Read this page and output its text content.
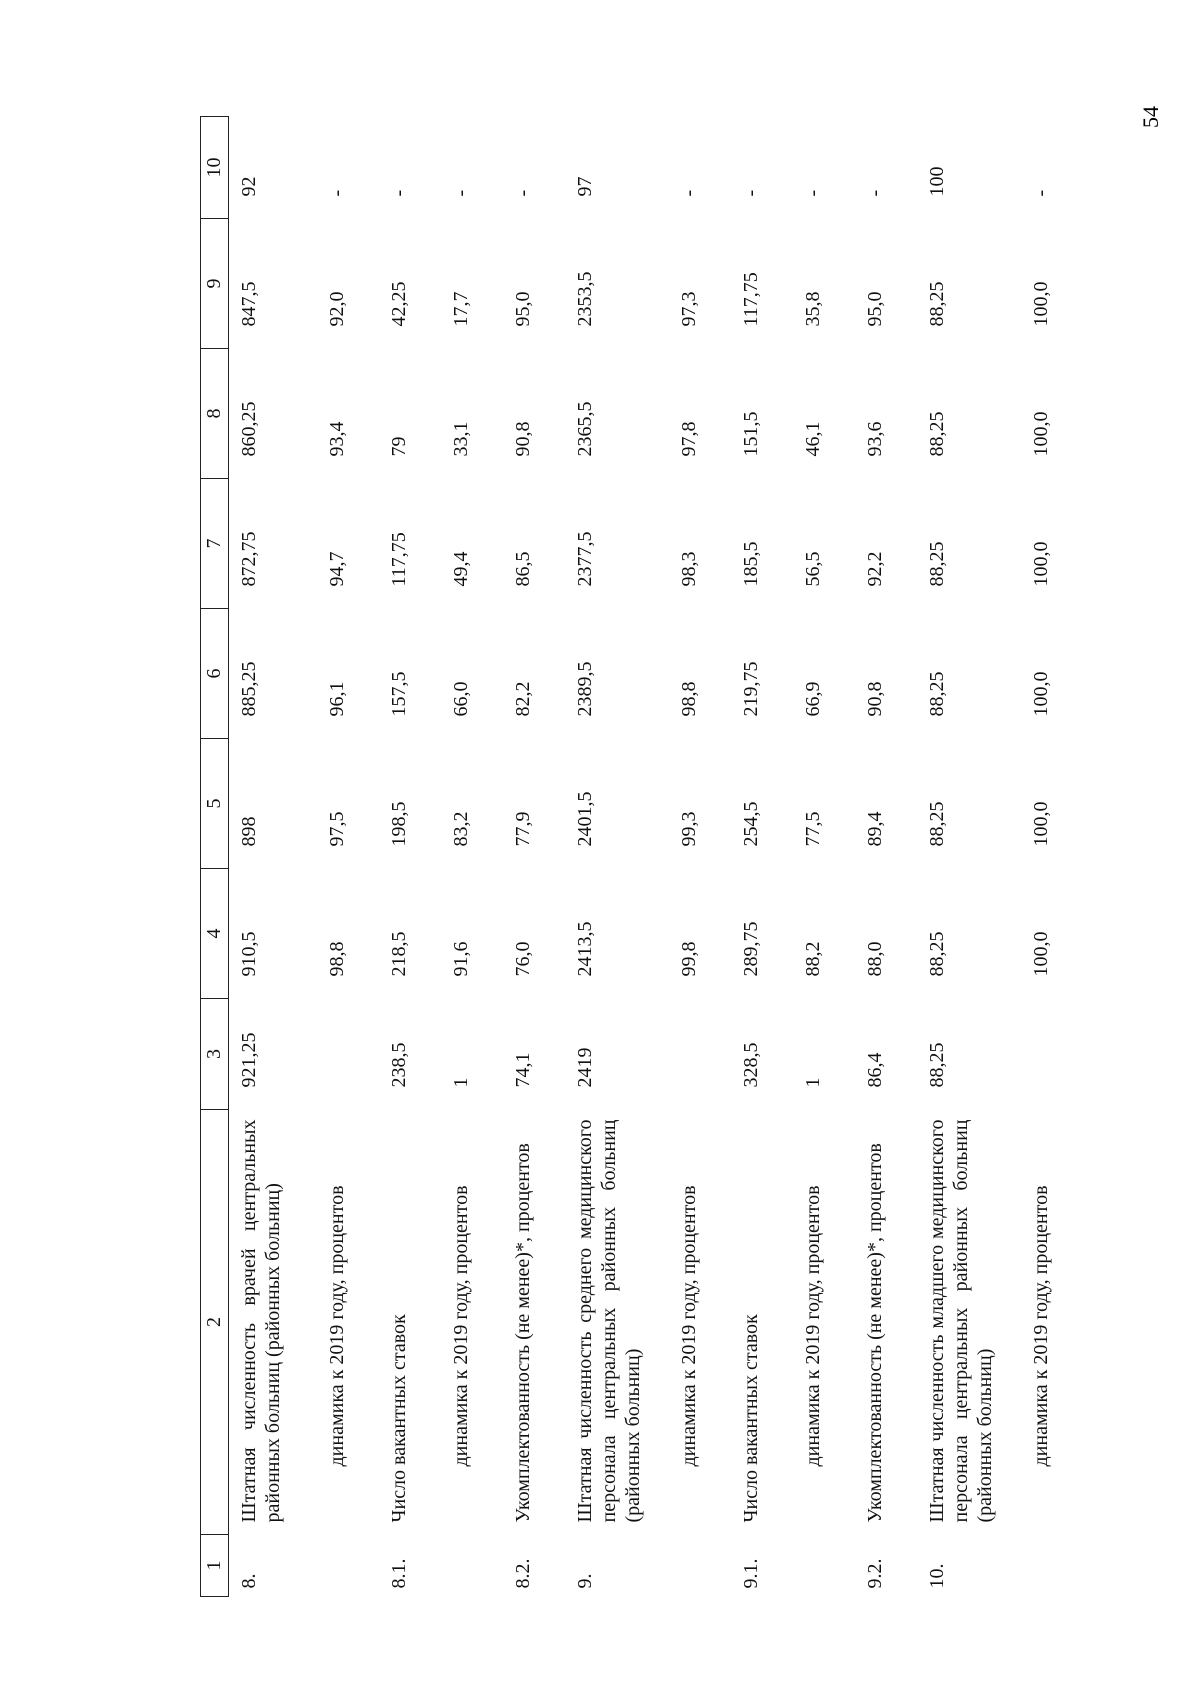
54
1	2	3	4	5	6	7	8	9	10
8.	Штатная численность врачей центральных районных больниц (районных больниц)	921,25	910,5	898	885,25	872,75	860,25	847,5	92
	динамика к 2019 году, процентов		98,8	97,5	96,1	94,7	93,4	92,0	-
8.1.	Число вакантных ставок	238,5	218,5	198,5	157,5	117,75	79	42,25	-
	динамика к 2019 году, процентов	1	91,6	83,2	66,0	49,4	33,1	17,7	-
8.2.	Укомплектованность (не менее)*, процентов	74,1	76,0	77,9	82,2	86,5	90,8	95,0	-
9.	Штатная численность среднего медицинского персонала центральных районных больниц (районных больниц)	2419	2413,5	2401,5	2389,5	2377,5	2365,5	2353,5	97
	динамика к 2019 году, процентов		99,8	99,3	98,8	98,3	97,8	97,3	-
9.1.	Число вакантных ставок	328,5	289,75	254,5	219,75	185,5	151,5	117,75	-
	динамика к 2019 году, процентов	1	88,2	77,5	66,9	56,5	46,1	35,8	-
9.2.	Укомплектованность (не менее)*, процентов	86,4	88,0	89,4	90,8	92,2	93,6	95,0	-
10.	Штатная численность младшего медицинского персонала центральных районных больниц (районных больниц)	88,25	88,25	88,25	88,25	88,25	88,25	88,25	100
	динамика к 2019 году, процентов		100,0	100,0	100,0	100,0	100,0	100,0	-
